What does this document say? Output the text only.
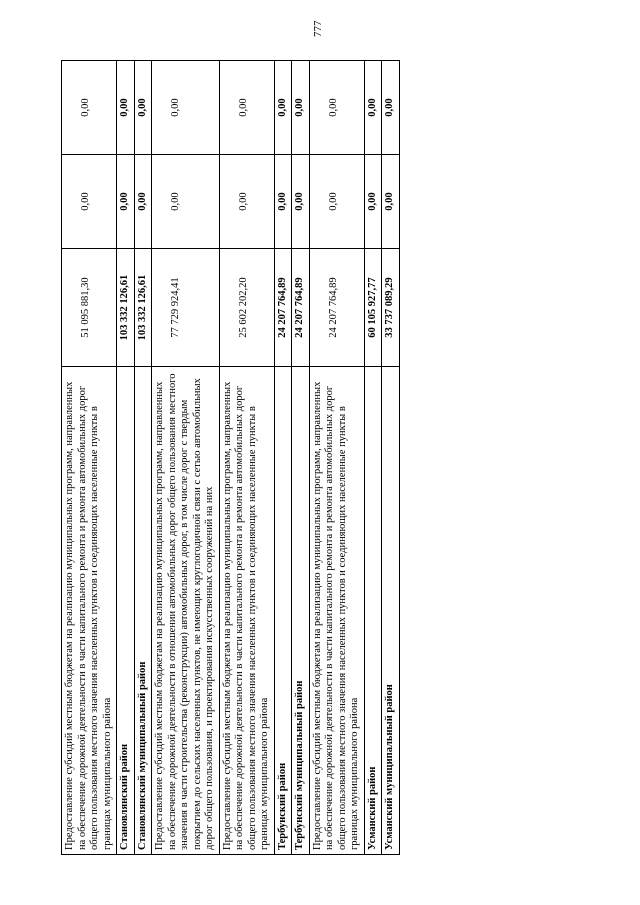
777
Предоставление субсидий местным бюджетам на реализацию муниципальных программ, направленных на обеспечение дорожной деятельности в части капитального ремонта и ремонта автомобильных дорог общего пользования местного значения населенных пунктов и соединяющих населенные пункты в границах муниципального района	51 095 881,30	0,00	0,00
Становлянский район	103 332 126,61	0,00	0,00
Становлянский муниципальный район	103 332 126,61	0,00	0,00
Предоставление субсидий местным бюджетам на реализацию муниципальных программ, направленных на обеспечение дорожной деятельности в отношении автомобильных дорог общего пользования местного значения в части строительства (реконструкции) автомобильных дорог, в том числе дорог с твердым покрытием до сельских населенных пунктов, не имеющих круглогодичной связи с сетью автомобильных дорог общего пользования, и проектирования искусственных сооружений на них	77 729 924,41	0,00	0,00
Предоставление субсидий местным бюджетам на реализацию муниципальных программ, направленных на обеспечение дорожной деятельности в части капитального ремонта и ремонта автомобильных дорог общего пользования местного значения населенных пунктов и соединяющих населенные пункты в границах муниципального района	25 602 202,20	0,00	0,00
Тербунский район	24 207 764,89	0,00	0,00
Тербунский муниципальный район	24 207 764,89	0,00	0,00
Предоставление субсидий местным бюджетам на реализацию муниципальных программ, направленных на обеспечение дорожной деятельности в части капитального ремонта и ремонта автомобильных дорог общего пользования местного значения населенных пунктов и соединяющих населенные пункты в границах муниципального района	24 207 764,89	0,00	0,00
Усманский район	60 105 927,77	0,00	0,00
Усманский муниципальный район	33 737 089,29	0,00	0,00
